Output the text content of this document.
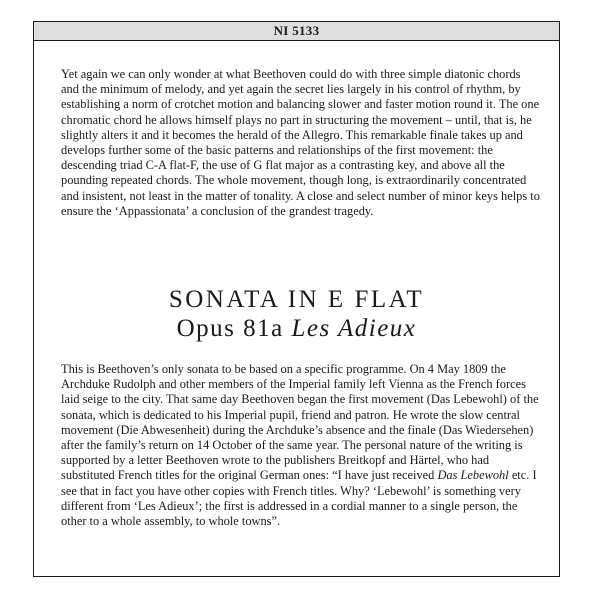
NI 5133

Yet again we can only wonder at what Beethoven could do with three simple diatonic chords and the minimum of melody, and yet again the secret lies largely in his control of rhythm, by establishing a norm of crotchet motion and balancing slower and faster motion round it. The one chromatic chord he allows himself plays no part in structuring the movement – until, that is, he slightly alters it and it becomes the herald of the Allegro. This remarkable finale takes up and develops further some of the basic patterns and relationships of the first movement: the descending triad C-A flat-F, the use of G flat major as a contrasting key, and above all the pounding repeated chords. The whole movement, though long, is extraordinarily concentrated and insistent, not least in the matter of tonality. A close and select number of minor keys helps to ensure the ‘Appassionata’ a conclusion of the grandest tragedy.

SONATA IN E FLAT
Opus 81a Les Adieux

This is Beethoven’s only sonata to be based on a specific programme. On 4 May 1809 the Archduke Rudolph and other members of the Imperial family left Vienna as the French forces laid seige to the city. That same day Beethoven began the first movement (Das Lebewohl) of the sonata, which is dedicated to his Imperial pupil, friend and patron. He wrote the slow central movement (Die Abwesenheit) during the Archduke’s absence and the finale (Das Wiedersehen) after the family’s return on 14 October of the same year. The personal nature of the writing is supported by a letter Beethoven wrote to the publishers Breitkopf and Härtel, who had substituted French titles for the original German ones: “I have just received Das Lebewohl etc. I see that in fact you have other copies with French titles. Why? ‘Lebewohl’ is something very different from ‘Les Adieux’; the first is addressed in a cordial manner to a single person, the other to a whole assembly, to whole towns”.
